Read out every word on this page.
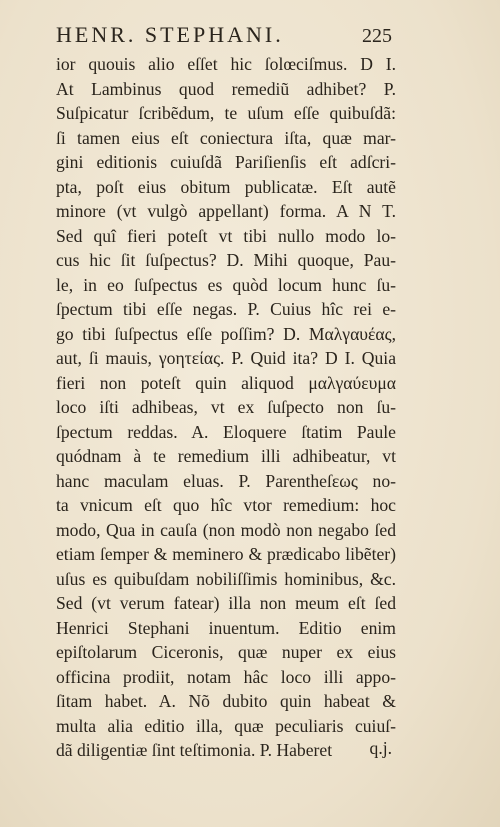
HENR. STEPHANI.	225
ior quouis alio eſſet hic ſolœciſmus. D I.
At Lambinus quod remediũ adhibet? P.
Suſpicatur ſcribẽdum, te uſum eſſe quibuſdã:
ſi tamen eius eſt coniectura iſta, quæ mar-
gini editionis cuiuſdã Pariſienſis eſt adſcri-
pta, poſt eius obitum publicatæ. Eſt autẽ
minore (vt vulgò appellant) forma. A N T.
Sed quî fieri poteſt vt tibi nullo modo lo-
cus hic ſit ſuſpectus? D. Mihi quoque, Pau-
le, in eo ſuſpectus es quòd locum hunc ſu-
ſpectum tibi eſſe negas. P. Cuius hîc rei e-
go tibi ſuſpectus eſſe poſſim? D. Μαλγαυέας,
aut, ſi mauis, γοητείας. P. Quid ita? D I. Quia
fieri non poteſt quin aliquod μαλγαύευμα
loco iſti adhibeas, vt ex ſuſpecto non ſu-
ſpectum reddas. A. Eloquere ſtatim Paule
quódnam à te remedium illi adhibeatur, vt
hanc maculam eluas. P. Parentheſεως no-
ta vnicum eſt quo hîc vtor remedium: hoc
modo, Qua in cauſa (non modò non negabo ſed
etiam ſemper & meminero & prædicabo libẽter)
uſus es quibuſdam nobiliſſimis hominibus, &c.
Sed (vt verum fatear) illa non meum eſt ſed
Henrici Stephani inuentum. Editio enim
epiſtolarum Ciceronis, quæ nuper ex eius
officina prodiit, notam hâc loco illi appo-
ſitam habet. A. Nõ dubito quin habeat &
multa alia editio illa, quæ peculiaris cuiuſ-
dã diligentiæ ſint teſtimonia. P. Haberet	q.j.
